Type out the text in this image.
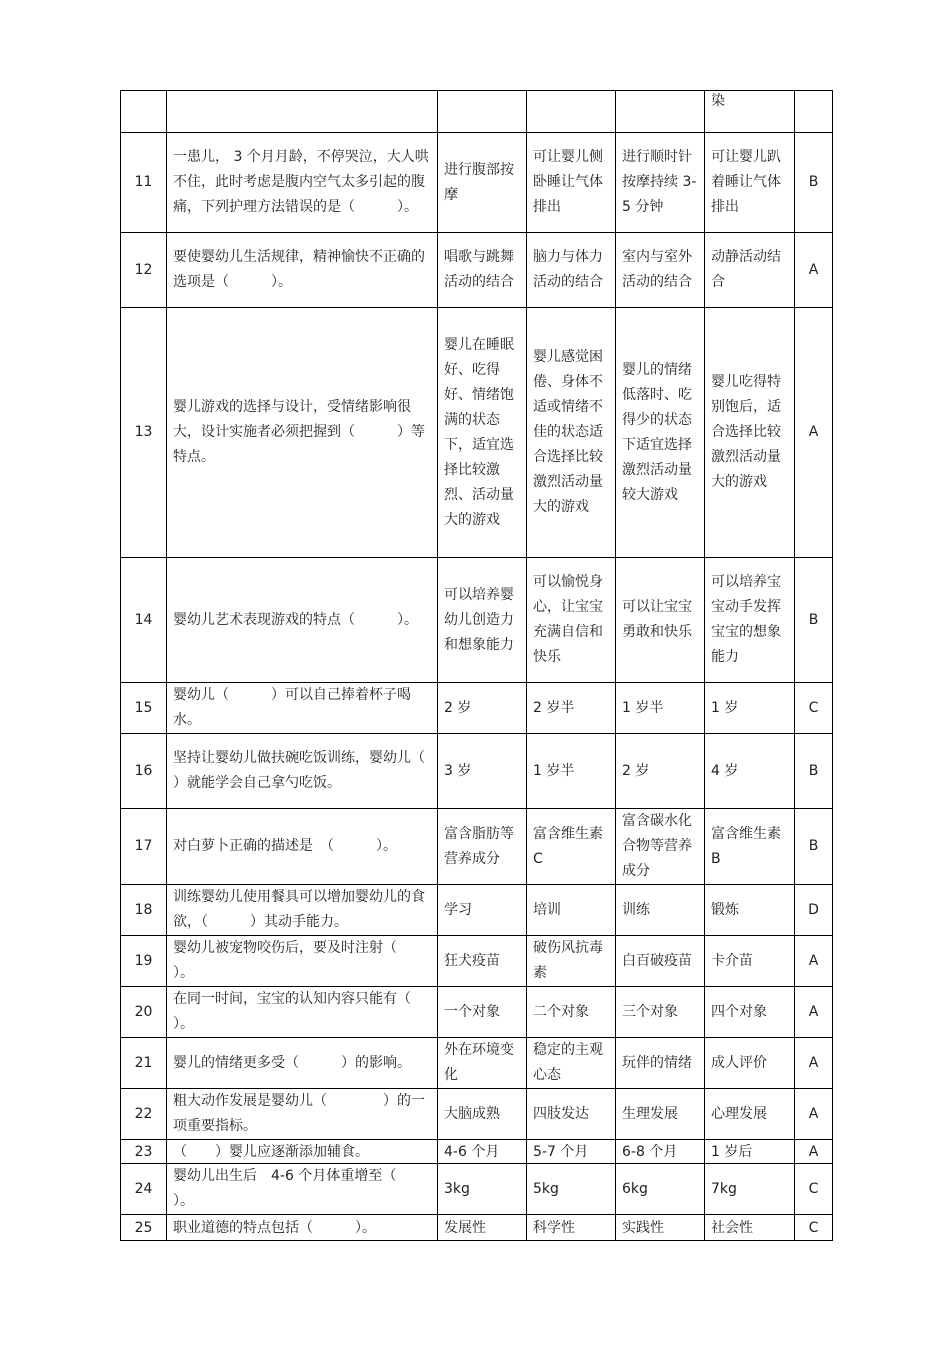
					染	
11	一患儿， 3 个月月龄，不停哭泣，大人哄不住，此时考虑是腹内空气太多引起的腹痛，下列护理方法错误的是（　　　）。	进行腹部按摩	可让婴儿侧卧睡让气体排出	进行顺时针按摩持续 3-5 分钟	可让婴儿趴着睡让气体排出	B
12	要使婴幼儿生活规律，精神愉快不正确的选项是（　　　）。	唱歌与跳舞活动的结合	脑力与体力活动的结合	室内与室外活动的结合	动静活动结合	A
13	婴儿游戏的选择与设计，受情绪影响很大，设计实施者必须把握到（　　　）等特点。	婴儿在睡眠好、吃得好、情绪饱满的状态下，适宜选择比较激烈、活动量大的游戏	婴儿感觉困倦、身体不适或情绪不佳的状态适合选择比较激烈活动量大的游戏	婴儿的情绪低落时、吃得少的状态下适宜选择激烈活动量较大游戏	婴儿吃得特别饱后，适合选择比较激烈活动量大的游戏	A
14	婴幼儿艺术表现游戏的特点（　　　）。	可以培养婴幼儿创造力和想象能力	可以愉悦身心，让宝宝充满自信和快乐	可以让宝宝勇敢和快乐	可以培养宝宝动手发挥宝宝的想象能力	B
15	婴幼儿（　　　）可以自己捧着杯子喝水。	2 岁	2 岁半	1 岁半	1 岁	C
16	坚持让婴幼儿做扶碗吃饭训练，婴幼儿（　　　）就能学会自己拿勺吃饭。	3 岁	1 岁半	2 岁	4 岁	B
17	对白萝卜正确的描述是　（　　　）。	富含脂肪等营养成分	富含维生素 C	富含碳水化合物等营养成分	富含维生素 B	B
18	训练婴幼儿使用餐具可以增加婴幼儿的食欲，（　　　）其动手能力。	学习	培训	训练	锻炼	D
19	婴幼儿被宠物咬伤后，要及时注射（　　　）。	狂犬疫苗	破伤风抗毒素	白百破疫苗	卡介苗	A
20	在同一时间，宝宝的认知内容只能有（　　　）。	一个对象	二个对象	三个对象	四个对象	A
21	婴儿的情绪更多受（　　　）的影响。	外在环境变化	稳定的主观心态	玩伴的情绪	成人评价	A
22	粗大动作发展是婴幼儿（　　　　）的一项重要指标。	大脑成熟	四肢发达	生理发展	心理发展	A
23	（　　）婴儿应逐渐添加辅食。	4-6 个月	5-7 个月	6-8 个月	1 岁后	A
24	婴幼儿出生后　4-6 个月体重增至（　　　）。	3kg	5kg	6kg	7kg	C
25	职业道德的特点包括（　　　）。	发展性	科学性	实践性	社会性	C
